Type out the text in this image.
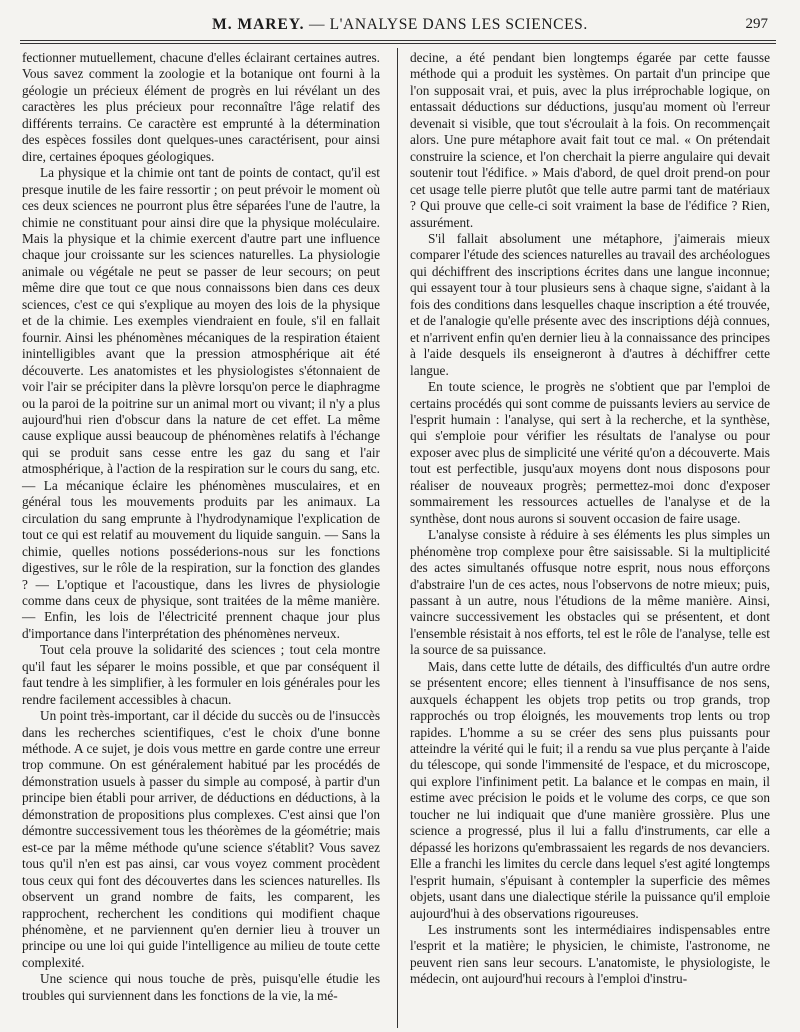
M. MAREY. — L'ANALYSE DANS LES SCIENCES.	297

fectionner mutuellement, chacune d'elles éclairant certaines autres. Vous savez comment la zoologie et la botanique ont fourni à la géologie un précieux élément de progrès en lui révélant un des caractères les plus précieux pour reconnaître l'âge relatif des différents terrains. Ce caractère est emprunté à la détermination des espèces fossiles dont quelques-unes caractérisent, pour ainsi dire, certaines époques géologiques.

La physique et la chimie ont tant de points de contact, qu'il est presque inutile de les faire ressortir ; on peut prévoir le moment où ces deux sciences ne pourront plus être séparées l'une de l'autre, la chimie ne constituant pour ainsi dire que la physique moléculaire. Mais la physique et la chimie exercent d'autre part une influence chaque jour croissante sur les sciences naturelles. La physiologie animale ou végétale ne peut se passer de leur secours; on peut même dire que tout ce que nous connaissons bien dans ces deux sciences, c'est ce qui s'explique au moyen des lois de la physique et de la chimie. Les exemples viendraient en foule, s'il en fallait fournir. Ainsi les phénomènes mécaniques de la respiration étaient inintelligibles avant que la pression atmosphérique ait été découverte. Les anatomistes et les physiologistes s'étonnaient de voir l'air se précipiter dans la plèvre lorsqu'on perce le diaphragme ou la paroi de la poitrine sur un animal mort ou vivant; il n'y a plus aujourd'hui rien d'obscur dans la nature de cet effet. La même cause explique aussi beaucoup de phénomènes relatifs à l'échange qui se produit sans cesse entre les gaz du sang et l'air atmosphérique, à l'action de la respiration sur le cours du sang, etc. — La mécanique éclaire les phénomènes musculaires, et en général tous les mouvements produits par les animaux. La circulation du sang emprunte à l'hydrodynamique l'explication de tout ce qui est relatif au mouvement du liquide sanguin. — Sans la chimie, quelles notions posséderions-nous sur les fonctions digestives, sur le rôle de la respiration, sur la fonction des glandes ? — L'optique et l'acoustique, dans les livres de physiologie comme dans ceux de physique, sont traitées de la même manière. — Enfin, les lois de l'électricité prennent chaque jour plus d'importance dans l'interprétation des phénomènes nerveux.

Tout cela prouve la solidarité des sciences ; tout cela montre qu'il faut les séparer le moins possible, et que par conséquent il faut tendre à les simplifier, à les formuler en lois générales pour les rendre facilement accessibles à chacun.

Un point très-important, car il décide du succès ou de l'insuccès dans les recherches scientifiques, c'est le choix d'une bonne méthode. A ce sujet, je dois vous mettre en garde contre une erreur trop commune. On est généralement habitué par les procédés de démonstration usuels à passer du simple au composé, à partir d'un principe bien établi pour arriver, de déductions en déductions, à la démonstration de propositions plus complexes. C'est ainsi que l'on démontre successivement tous les théorèmes de la géométrie; mais est-ce par la même méthode qu'une science s'établit? Vous savez tous qu'il n'en est pas ainsi, car vous voyez comment procèdent tous ceux qui font des découvertes dans les sciences naturelles. Ils observent un grand nombre de faits, les comparent, les rapprochent, recherchent les conditions qui modifient chaque phénomène, et ne parviennent qu'en dernier lieu à trouver un principe ou une loi qui guide l'intelligence au milieu de toute cette complexité.

Une science qui nous touche de près, puisqu'elle étudie les troubles qui surviennent dans les fonctions de la vie, la mé-

decine, a été pendant bien longtemps égarée par cette fausse méthode qui a produit les systèmes. On partait d'un principe que l'on supposait vrai, et puis, avec la plus irréprochable logique, on entassait déductions sur déductions, jusqu'au moment où l'erreur devenait si visible, que tout s'écroulait à la fois. On recommençait alors. Une pure métaphore avait fait tout ce mal. « On prétendait construire la science, et l'on cherchait la pierre angulaire qui devait soutenir tout l'édifice. » Mais d'abord, de quel droit prend-on pour cet usage telle pierre plutôt que telle autre parmi tant de matériaux ? Qui prouve que celle-ci soit vraiment la base de l'édifice ? Rien, assurément.

S'il fallait absolument une métaphore, j'aimerais mieux comparer l'étude des sciences naturelles au travail des archéologues qui déchiffrent des inscriptions écrites dans une langue inconnue; qui essayent tour à tour plusieurs sens à chaque signe, s'aidant à la fois des conditions dans lesquelles chaque inscription a été trouvée, et de l'analogie qu'elle présente avec des inscriptions déjà connues, et n'arrivent enfin qu'en dernier lieu à la connaissance des principes à l'aide desquels ils enseigneront à d'autres à déchiffrer cette langue.

En toute science, le progrès ne s'obtient que par l'emploi de certains procédés qui sont comme de puissants leviers au service de l'esprit humain : l'analyse, qui sert à la recherche, et la synthèse, qui s'emploie pour vérifier les résultats de l'analyse ou pour exposer avec plus de simplicité une vérité qu'on a découverte. Mais tout est perfectible, jusqu'aux moyens dont nous disposons pour réaliser de nouveaux progrès; permettez-moi donc d'exposer sommairement les ressources actuelles de l'analyse et de la synthèse, dont nous aurons si souvent occasion de faire usage.

L'analyse consiste à réduire à ses éléments les plus simples un phénomène trop complexe pour être saisissable. Si la multiplicité des actes simultanés offusque notre esprit, nous nous efforçons d'abstraire l'un de ces actes, nous l'observons de notre mieux; puis, passant à un autre, nous l'étudions de la même manière. Ainsi, vaincre successivement les obstacles qui se présentent, et dont l'ensemble résistait à nos efforts, tel est le rôle de l'analyse, telle est la source de sa puissance.

Mais, dans cette lutte de détails, des difficultés d'un autre ordre se présentent encore; elles tiennent à l'insuffisance de nos sens, auxquels échappent les objets trop petits ou trop grands, trop rapprochés ou trop éloignés, les mouvements trop lents ou trop rapides. L'homme a su se créer des sens plus puissants pour atteindre la vérité qui le fuit; il a rendu sa vue plus perçante à l'aide du télescope, qui sonde l'immensité de l'espace, et du microscope, qui explore l'infiniment petit. La balance et le compas en main, il estime avec précision le poids et le volume des corps, ce que son toucher ne lui indiquait que d'une manière grossière. Plus une science a progressé, plus il lui a fallu d'instruments, car elle a dépassé les horizons qu'embrassaient les regards de nos devanciers. Elle a franchi les limites du cercle dans lequel s'est agité longtemps l'esprit humain, s'épuisant à contempler la superficie des mêmes objets, usant dans une dialectique stérile la puissance qu'il emploie aujourd'hui à des observations rigoureuses.

Les instruments sont les intermédiaires indispensables entre l'esprit et la matière; le physicien, le chimiste, l'astronome, ne peuvent rien sans leur secours. L'anatomiste, le physiologiste, le médecin, ont aujourd'hui recours à l'emploi d'instru-
